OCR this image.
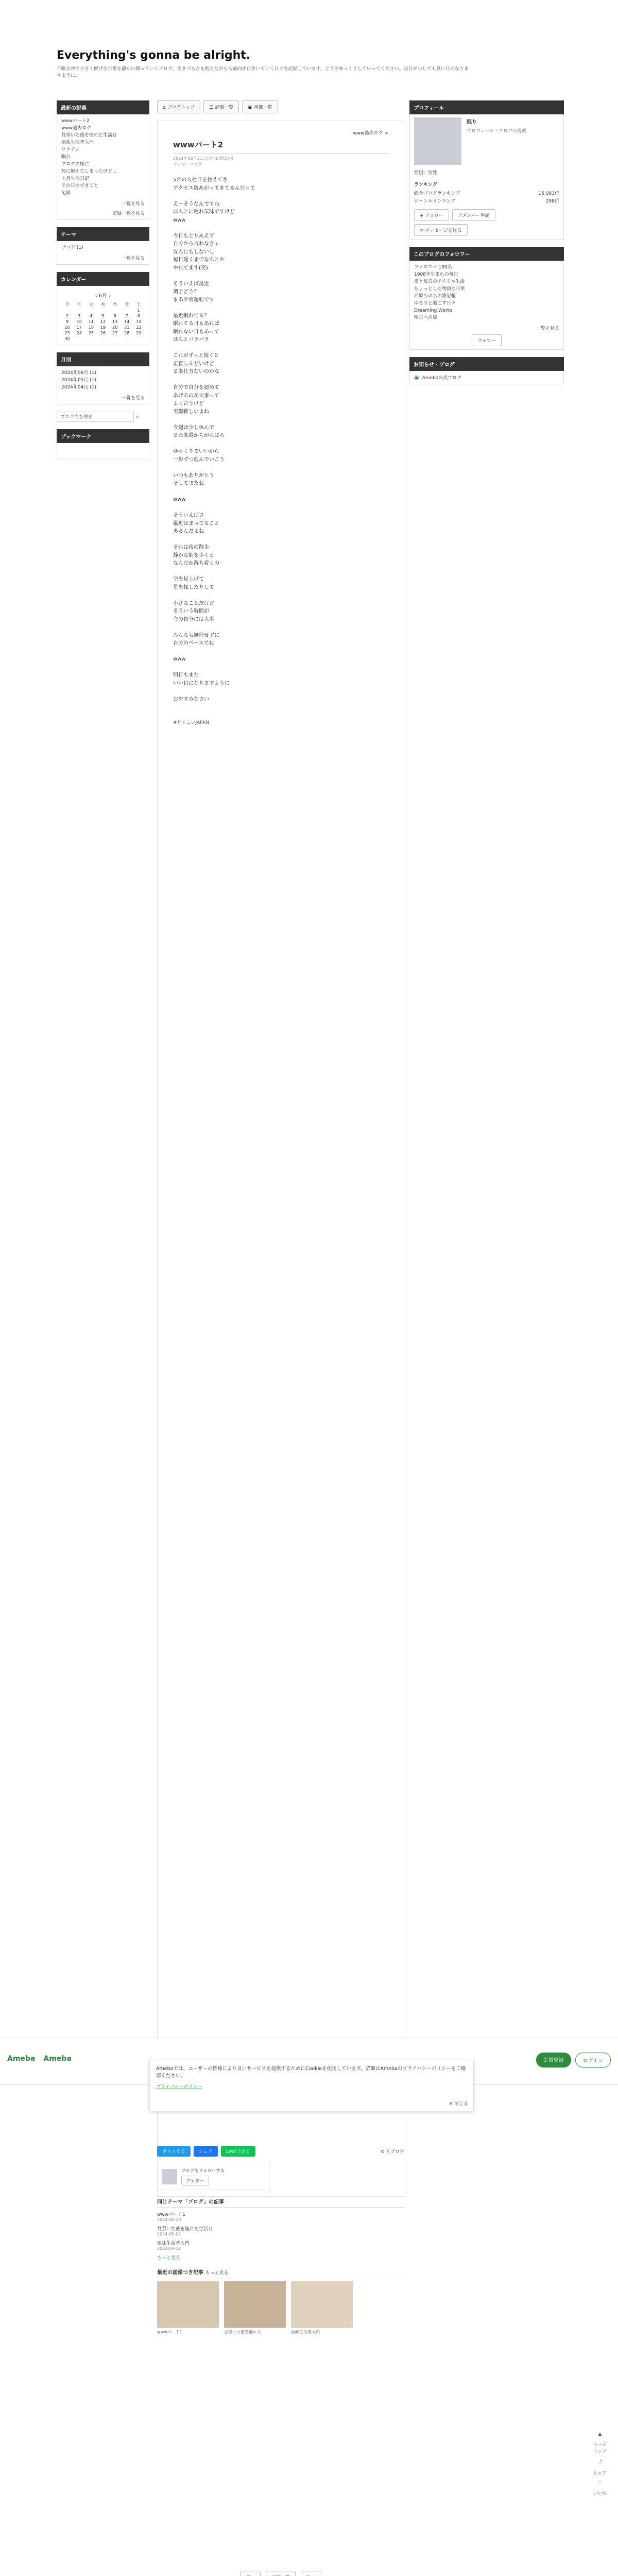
Everything's gonna be alright.
不眠女神の小さく儚げな日常を静かに綴っていくブログ。生きづらさを抱えながらも前向きに歩いていく日々を記録しています。どうぞゆっくりしていってください。毎日が少しでも良い日になりますように。
最新の記事
wwwパート2
www過去ログ
見習いた後を憧れた生活目
地味生活者入門
ワクチン
眠れ
ブログの様に
死に抱えてしまったけど…
七月生活日記
その日のできごと
記録
一覧を見る
記録一覧を見る
テーマ
ブログ (1)
一覧を見る
カレンダー
‹ 6月 ›
日	月	火	水	木	金	土
						1
2	3	4	5	6	7	8
9	10	11	12	13	14	15
16	17	18	19	20	21	22
23	24	25	26	27	28	29
30						
月別
2024年06月 (1)
2024年05月 (1)
2024年04月 (1)
一覧を見る
ブログ内を検索 ⌕
ブックマーク
⌂ ブログトップ	☰ 記事一覧	▣ 画像一覧
www過去ログ >
wwwパート2
2024年06月11日(火) 17時27分
テーマ：ブログ
5月の入社日を控えてさ
アクセス数あがってきてるんだって

えーそうなんですね
ほんとに遅れ気味ですけど
www

今日もとりあえず
自分から言わなきゃ
なんにもしないし
毎日遅くまでなんとか
やれてます(笑)

そういえば最近
調子どう？
まあ平常運転です

最近眠れてる？
眠れてる日もあれば
眠れない日もあって
ほんとバラバラ

これがずっと続くと
正直しんどいけど
まあ仕方ないのかな

自分で自分を認めて
あげるのが大事って
よく言うけど
実際難しいよね

今週は少し休んで
また来週からがんばろ

ゆっくりでいいから
一歩ずつ進んでいこう

いつもありがとう
そしてまたね

www

そういえばさ
最近はまってること
あるんだよね

それは夜の散歩
静かな街を歩くと
なんだか落ち着くの

空を見上げて
星を探したりして

小さなことだけど
そういう時間が
今の自分には大事

みんなも無理せずに
自分のペースでね

www

明日もまた
いい日になりますように

おやすみなさい
#どすこいJAPAN
プロフィール
眠り
プロフィール・ブログの説明
性別：女性
ランキング
総合ブログランキング	15,083位
ジャンルランキング	298位
+ フォロー	アメンバー申請
✉ メッセージを送る
このブログのフォロワー
フォロワー 100名
1988年生まれの毎日
愛と毎日のアイドル生活
ちょっとした物語な日常
西原ものらの雑記帳
ゆるりと過ごす日々
Dreaming Works
明日への扉
一覧を見る
フォロー
お知らせ・ブログ
◉ Ameba公式ブログ
Ameba Ameba	会員登録	ログイン
Amebaでは、ユーザーの皆様により良いサービスを提供するためにCookieを使用しています。詳細はAmebaのプライバシーポリシーをご確認ください。
プライバシーポリシー
✕ 閉じる
ポストする	シェア	LINEで送る	⟲ リブログ
ブログをフォローする
フォロー
同じテーマ「ブログ」の記事
wwwパート1
2024-05-20
見習いた後を憧れた生活目
2024-05-01
地味生活者入門
2024-04-12
もっと見る
最近の画像つき記事 もっと見る
wwwパート1	見習いた後を憧れた	地味生活者入門
▲
ページトップ
⤴
シェア
♡
いいね
